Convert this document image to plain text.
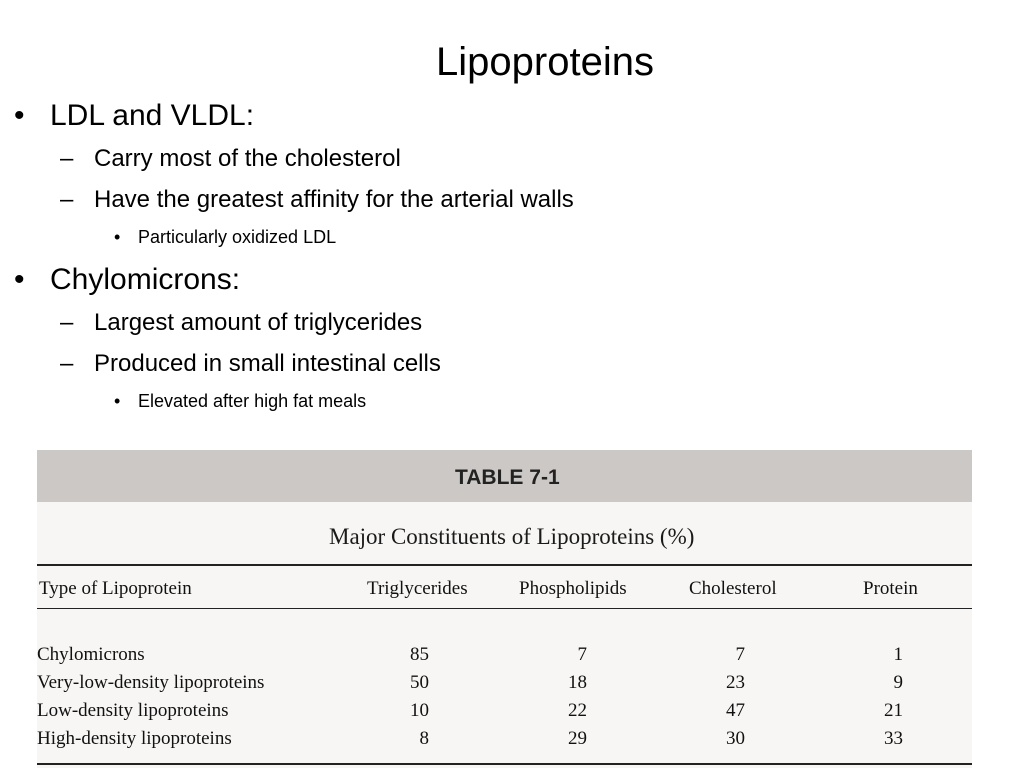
Lipoproteins
• LDL and VLDL:
– Carry most of the cholesterol
– Have the greatest affinity for the arterial walls
• Particularly oxidized LDL
• Chylomicrons:
– Largest amount of triglycerides
– Produced in small intestinal cells
• Elevated after high fat meals
TABLE 7-1
Major Constituents of Lipoproteins (%)
Type of Lipoprotein	Triglycerides	Phospholipids	Cholesterol	Protein
Chylomicrons	85	7	7	1
Very-low-density lipoproteins	50	18	23	9
Low-density lipoproteins	10	22	47	21
High-density lipoproteins	8	29	30	33
